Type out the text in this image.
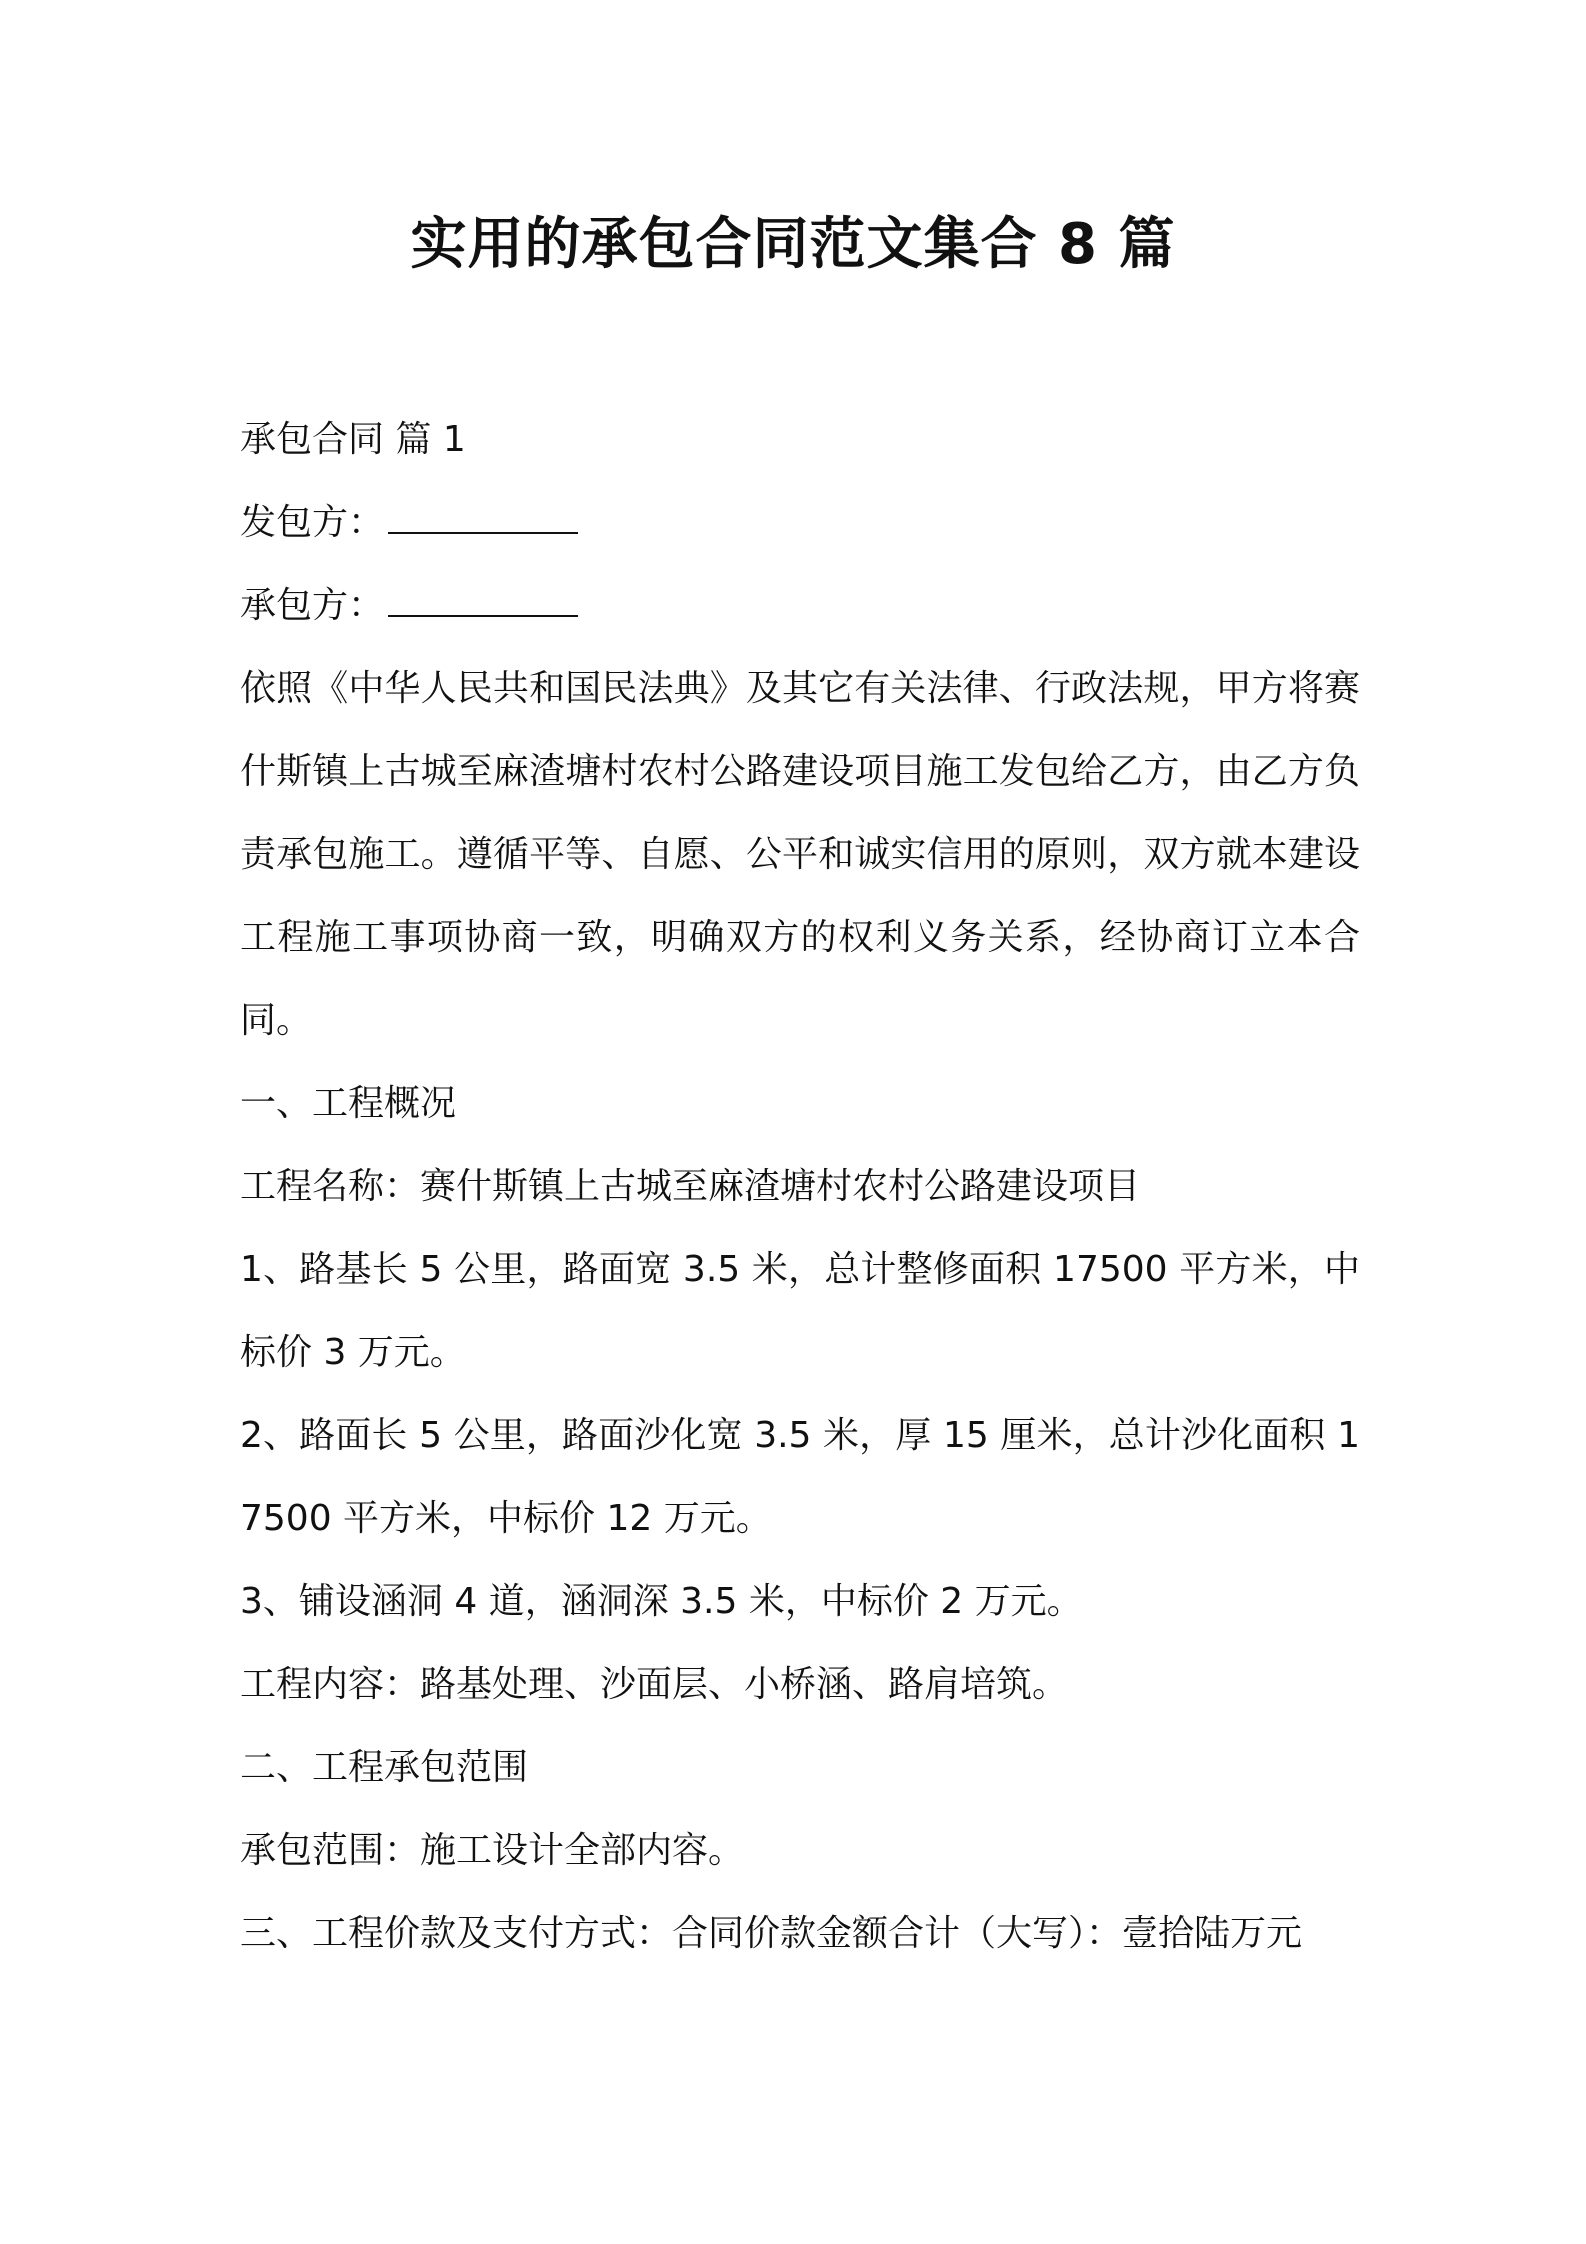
实用的承包合同范文集合 8 篇

承包合同 篇 1

发包方：

承包方：

依照《中华人民共和国民法典》及其它有关法律、行政法规，甲方将赛什斯镇上古城至麻渣塘村农村公路建设项目施工发包给乙方，由乙方负责承包施工。遵循平等、自愿、公平和诚实信用的原则，双方就本建设工程施工事项协商一致，明确双方的权利义务关系，经协商订立本合同。

一、工程概况

工程名称：赛什斯镇上古城至麻渣塘村农村公路建设项目

1、路基长 5 公里，路面宽 3.5 米，总计整修面积 17500 平方米，中标价 3 万元。

2、路面长 5 公里，路面沙化宽 3.5 米，厚 15 厘米，总计沙化面积 17500 平方米，中标价 12 万元。

3、铺设涵洞 4 道，涵洞深 3.5 米，中标价 2 万元。

工程内容：路基处理、沙面层、小桥涵、路肩培筑。

二、工程承包范围

承包范围：施工设计全部内容。

三、工程价款及支付方式：合同价款金额合计（大写）：壹拾陆万元
